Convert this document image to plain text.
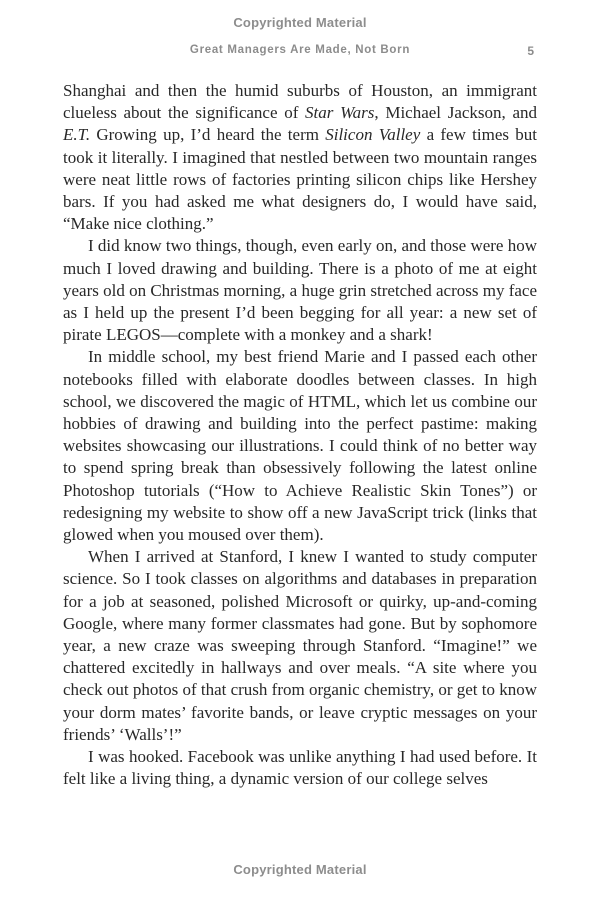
Copyrighted Material
Great Managers Are Made, Not Born	5

Shanghai and then the humid suburbs of Houston, an immigrant clueless about the significance of Star Wars, Michael Jackson, and E.T. Growing up, I’d heard the term Silicon Valley a few times but took it literally. I imagined that nestled between two mountain ranges were neat little rows of factories printing silicon chips like Hershey bars. If you had asked me what designers do, I would have said, “Make nice clothing.”

I did know two things, though, even early on, and those were how much I loved drawing and building. There is a photo of me at eight years old on Christmas morning, a huge grin stretched across my face as I held up the present I’d been begging for all year: a new set of pirate LEGOS—complete with a monkey and a shark!

In middle school, my best friend Marie and I passed each other notebooks filled with elaborate doodles between classes. In high school, we discovered the magic of HTML, which let us combine our hobbies of drawing and building into the perfect pastime: making websites showcasing our illustrations. I could think of no better way to spend spring break than obsessively following the latest online Photoshop tutorials (“How to Achieve Realistic Skin Tones”) or redesigning my website to show off a new JavaScript trick (links that glowed when you moused over them).

When I arrived at Stanford, I knew I wanted to study computer science. So I took classes on algorithms and databases in preparation for a job at seasoned, polished Microsoft or quirky, up-and-coming Google, where many former classmates had gone. But by sophomore year, a new craze was sweeping through Stanford. “Imagine!” we chattered excitedly in hallways and over meals. “A site where you check out photos of that crush from organic chemistry, or get to know your dorm mates’ favorite bands, or leave cryptic messages on your friends’ ‘Walls’!”

I was hooked. Facebook was unlike anything I had used before. It felt like a living thing, a dynamic version of our college selves

Copyrighted Material
